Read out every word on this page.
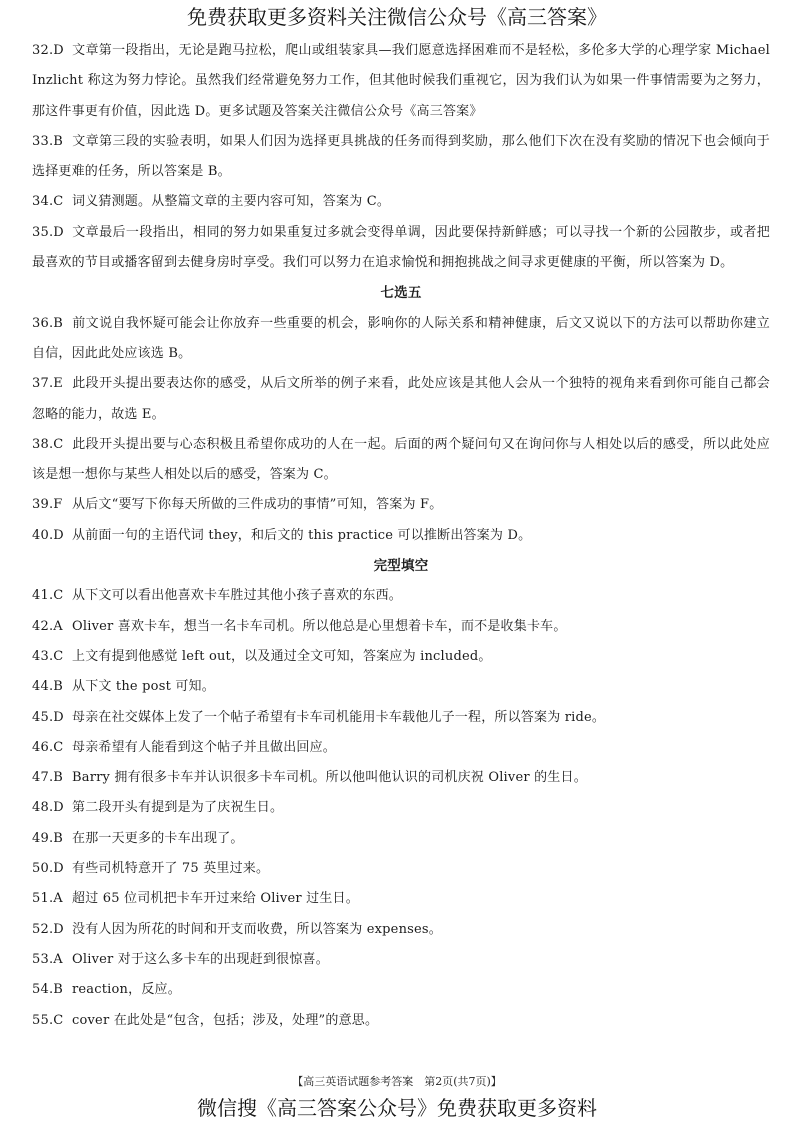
免费获取更多资料关注微信公众号《高三答案》

32.D 文章第一段指出，无论是跑马拉松，爬山或组装家具—我们愿意选择困难而不是轻松，多伦多大学的心理学家 Michael Inzlicht 称这为努力悖论。虽然我们经常避免努力工作，但其他时候我们重视它，因为我们认为如果一件事情需要为之努力，那这件事更有价值，因此选 D。更多试题及答案关注微信公众号《高三答案》

33.B 文章第三段的实验表明，如果人们因为选择更具挑战的任务而得到奖励，那么他们下次在没有奖励的情况下也会倾向于选择更难的任务，所以答案是 B。

34.C 词义猜测题。从整篇文章的主要内容可知，答案为 C。

35.D 文章最后一段指出，相同的努力如果重复过多就会变得单调，因此要保持新鲜感；可以寻找一个新的公园散步，或者把最喜欢的节目或播客留到去健身房时享受。我们可以努力在追求愉悦和拥抱挑战之间寻求更健康的平衡，所以答案为 D。

七选五

36.B 前文说自我怀疑可能会让你放弃一些重要的机会，影响你的人际关系和精神健康，后文又说以下的方法可以帮助你建立自信，因此此处应该选 B。

37.E 此段开头提出要表达你的感受，从后文所举的例子来看，此处应该是其他人会从一个独特的视角来看到你可能自己都会忽略的能力，故选 E。

38.C 此段开头提出要与心态积极且希望你成功的人在一起。后面的两个疑问句又在询问你与人相处以后的感受，所以此处应该是想一想你与某些人相处以后的感受，答案为 C。

39.F 从后文“要写下你每天所做的三件成功的事情”可知，答案为 F。

40.D 从前面一句的主语代词 they，和后文的 this practice 可以推断出答案为 D。

完型填空

41.C 从下文可以看出他喜欢卡车胜过其他小孩子喜欢的东西。

42.A Oliver 喜欢卡车，想当一名卡车司机。所以他总是心里想着卡车，而不是收集卡车。

43.C 上文有提到他感觉 left out，以及通过全文可知，答案应为 included。

44.B 从下文 the post 可知。

45.D 母亲在社交媒体上发了一个帖子希望有卡车司机能用卡车载他儿子一程，所以答案为 ride。

46.C 母亲希望有人能看到这个帖子并且做出回应。

47.B Barry 拥有很多卡车并认识很多卡车司机。所以他叫他认识的司机庆祝 Oliver 的生日。

48.D 第二段开头有提到是为了庆祝生日。

49.B 在那一天更多的卡车出现了。

50.D 有些司机特意开了 75 英里过来。

51.A 超过 65 位司机把卡车开过来给 Oliver 过生日。

52.D 没有人因为所花的时间和开支而收费，所以答案为 expenses。

53.A Oliver 对于这么多卡车的出现赶到很惊喜。

54.B reaction，反应。

55.C cover 在此处是“包含，包括；涉及，处理”的意思。

【高三英语试题参考答案　第2页(共7页)】
微信搜《高三答案公众号》免费获取更多资料
